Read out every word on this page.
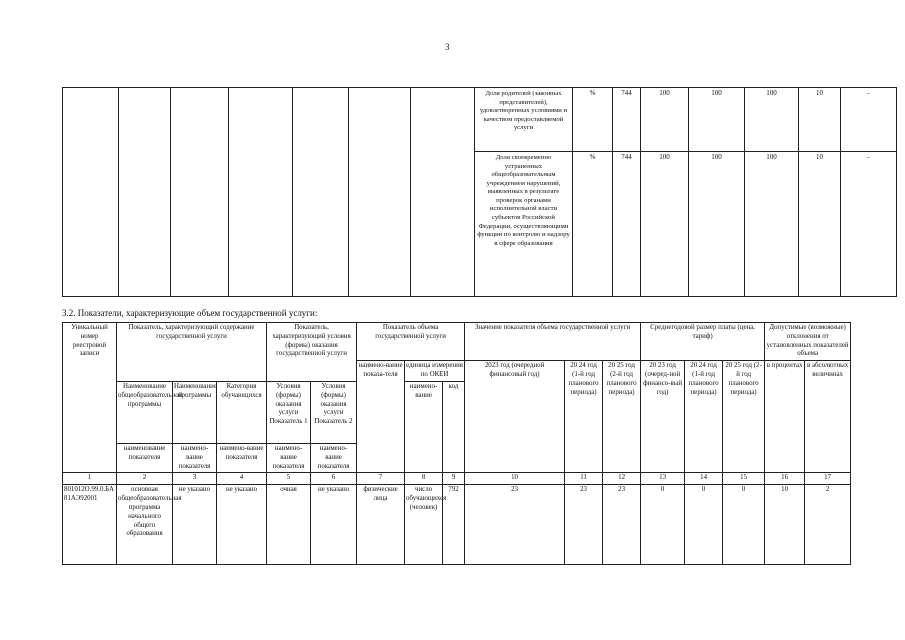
3
							Доля родителей (законных представителей), удовлетворенных условиями и качеством предоставляемой услуги	%	744	100	100	100	10	-
							Доля своевременно устраненных общеобразовательным учреждением нарушений, выявленных в результате проверок органами исполнительной власти субъектов Российской Федерации, осуществляющими функции по контролю и надзору в сфере образования	%	744	100	100	100	10	-
3.2. Показатели, характеризующие объем государственной услуги:
Уникальный номер реестровой записи	Показатель, характеризующий содержание государственной услуги			Показатель, характеризующий условия (формы) оказания государственной услуги		Показатель объема государственной услуги			Значение показателя объема государственной услуги			Среднегодовой размер платы (цена, тариф)			Допустимые (возможные) отклонения от установленных показателей объема	
						наимено-вание показа-теля	единица измерения по ОКЕИ		2023 год (очередной финансовый год)	20 24 год (1-й год планового периода)	20 25 год (2-й год планового периода)	20 23 год (очеред-ной финансо-вый год)	20 24 год (1-й год планового периода)	20 25 год (2-й год планового периода)	в процентах	в абсолютных величинах
	Наименование общеобразовательной программы	Наименование программы	Категория обучающихся	Условия (формы) оказания услуги Показатель 1	Условия (формы) оказания услуги Показатель 2		наимено-вание	код								
	наименование показателя	наимено-вание показателя	наимено-вание показателя	наимено-вание показателя	наимено-вание показателя											
1	2	3	4	5	6	7	8	9	10	11	12	13	14	15	16	17
801012О.99.0.БА81АЭ92001	основная общеобразовательная программа начального общего образования	не указано	не указано	очная	не указано	физические лица	число обучающихся (человек)	792	23	23	23	0	0	0	10	2
